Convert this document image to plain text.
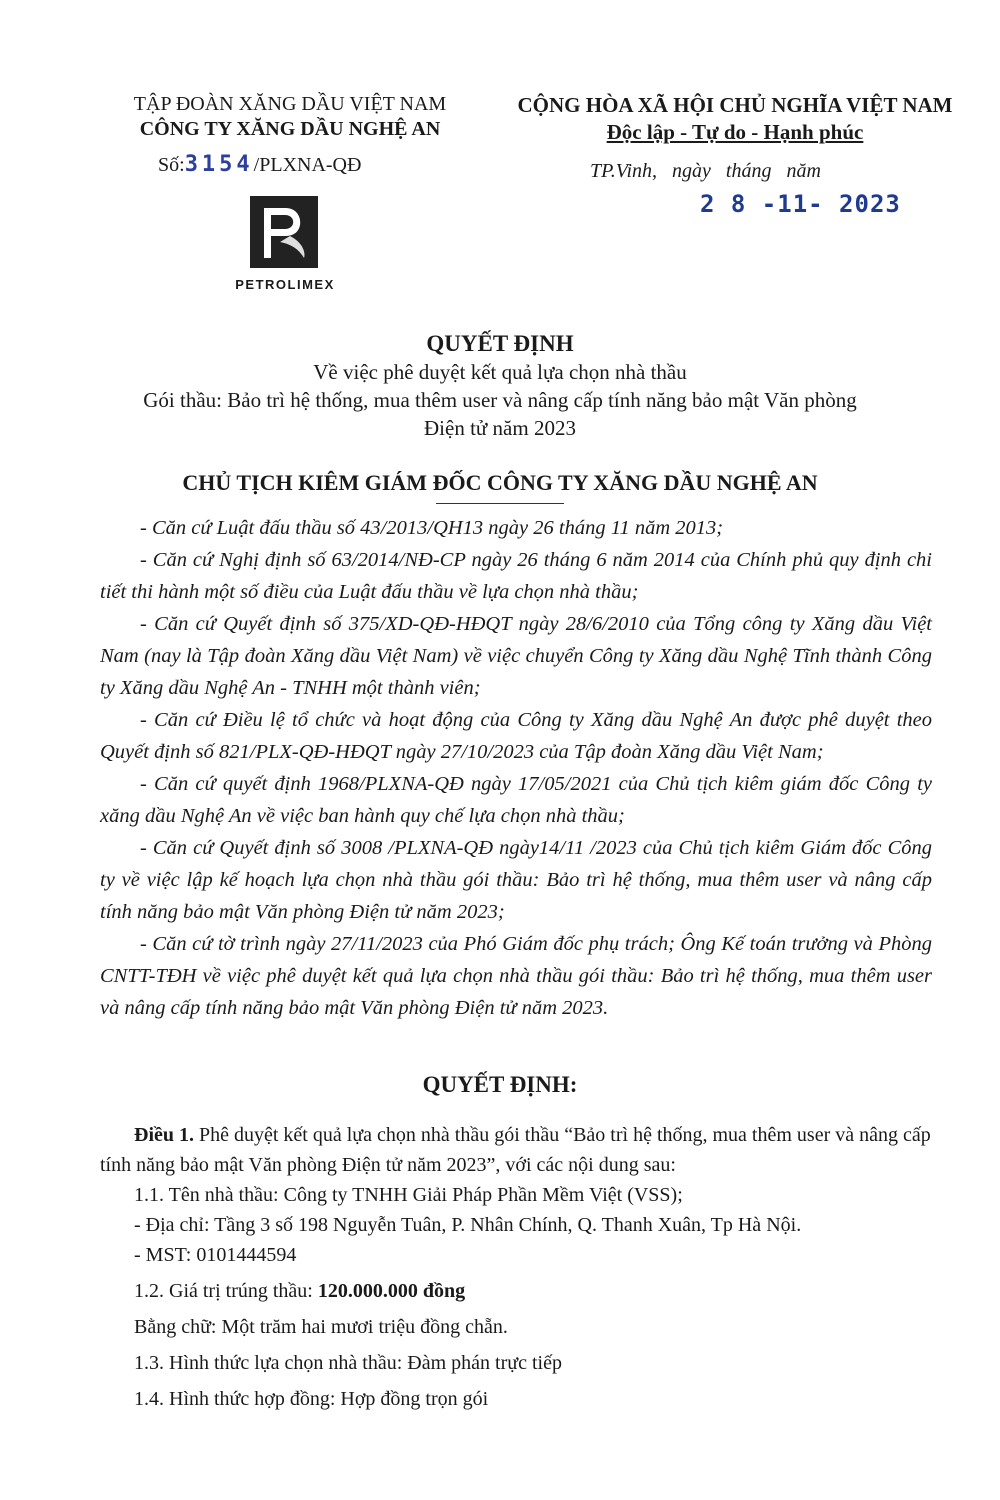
TẬP ĐOÀN XĂNG DẦU VIỆT NAM
CÔNG TY XĂNG DẦU NGHỆ AN
Số:3154/PLXNA-QĐ
PETROLIMEX
CỘNG HÒA XÃ HỘI CHỦ NGHĨA VIỆT NAM
Độc lập - Tự do - Hạnh phúc
TP.Vinh, ngày tháng năm
2 8 -11- 2023
QUYẾT ĐỊNH
Về việc phê duyệt kết quả lựa chọn nhà thầu
Gói thầu: Bảo trì hệ thống, mua thêm user và nâng cấp tính năng bảo mật Văn phòng
Điện tử năm 2023
CHỦ TỊCH KIÊM GIÁM ĐỐC CÔNG TY XĂNG DẦU NGHỆ AN

- Căn cứ Luật đấu thầu số 43/2013/QH13 ngày 26 tháng 11 năm 2013;

- Căn cứ Nghị định số 63/2014/NĐ-CP ngày 26 tháng 6 năm 2014 của Chính phủ quy định chi tiết thi hành một số điều của Luật đấu thầu về lựa chọn nhà thầu;

- Căn cứ Quyết định số 375/XD-QĐ-HĐQT ngày 28/6/2010 của Tổng công ty Xăng dầu Việt Nam (nay là Tập đoàn Xăng dầu Việt Nam) về việc chuyển Công ty Xăng dầu Nghệ Tĩnh thành Công ty Xăng dầu Nghệ An - TNHH một thành viên;

- Căn cứ Điều lệ tổ chức và hoạt động của Công ty Xăng dầu Nghệ An được phê duyệt theo Quyết định số 821/PLX-QĐ-HĐQT ngày 27/10/2023 của Tập đoàn Xăng dầu Việt Nam;

- Căn cứ quyết định 1968/PLXNA-QĐ ngày 17/05/2021 của Chủ tịch kiêm giám đốc Công ty xăng dầu Nghệ An về việc ban hành quy chế lựa chọn nhà thầu;

- Căn cứ Quyết định số 3008 /PLXNA-QĐ ngày14/11 /2023 của Chủ tịch kiêm Giám đốc Công ty về việc lập kế hoạch lựa chọn nhà thầu gói thầu: Bảo trì hệ thống, mua thêm user và nâng cấp tính năng bảo mật Văn phòng Điện tử năm 2023;

- Căn cứ tờ trình ngày 27/11/2023 của Phó Giám đốc phụ trách; Ông Kế toán trưởng và Phòng CNTT-TĐH về việc phê duyệt kết quả lựa chọn nhà thầu gói thầu: Bảo trì hệ thống, mua thêm user và nâng cấp tính năng bảo mật Văn phòng Điện tử năm 2023.

QUYẾT ĐỊNH:

Điều 1. Phê duyệt kết quả lựa chọn nhà thầu gói thầu “Bảo trì hệ thống, mua thêm user và nâng cấp tính năng bảo mật Văn phòng Điện tử năm 2023”, với các nội dung sau:

1.1. Tên nhà thầu: Công ty TNHH Giải Pháp Phần Mềm Việt (VSS);

- Địa chỉ: Tầng 3 số 198 Nguyễn Tuân, P. Nhân Chính, Q. Thanh Xuân, Tp Hà Nội.

- MST: 0101444594

1.2. Giá trị trúng thầu: 120.000.000 đồng

Bằng chữ: Một trăm hai mươi triệu đồng chẵn.

1.3. Hình thức lựa chọn nhà thầu: Đàm phán trực tiếp

1.4. Hình thức hợp đồng: Hợp đồng trọn gói
